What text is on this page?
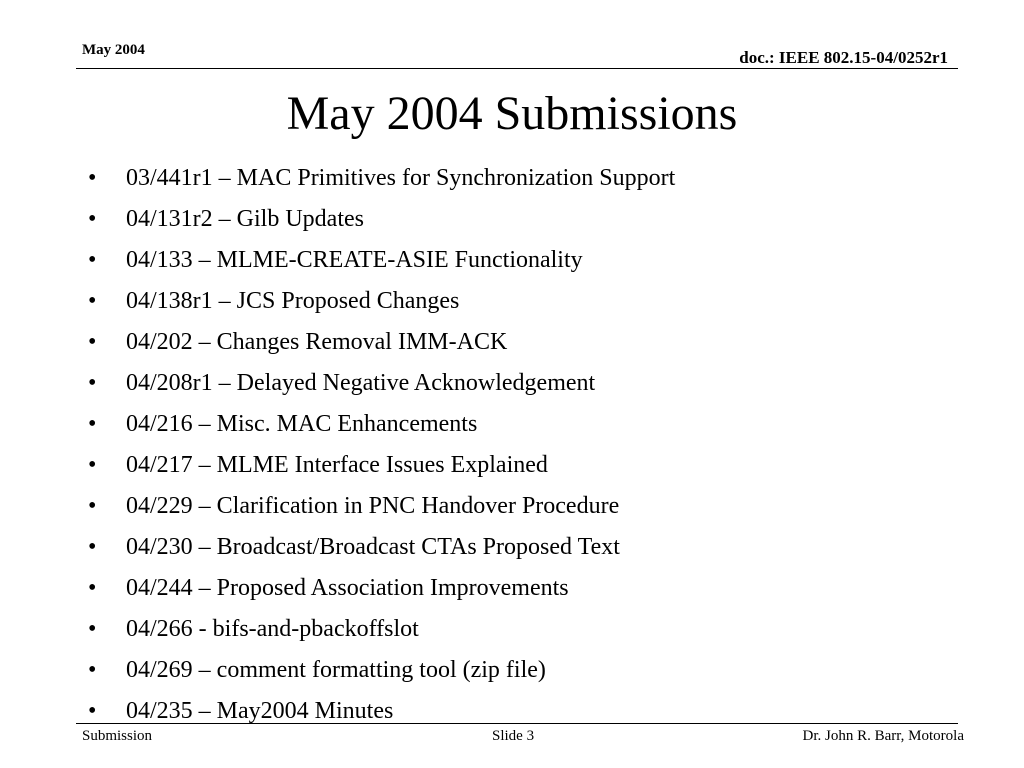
May 2004	doc.: IEEE 802.15-04/0252r1
May 2004 Submissions
•	03/441r1 – MAC Primitives for Synchronization Support
•	04/131r2 – Gilb Updates
•	04/133 – MLME-CREATE-ASIE Functionality
•	04/138r1 – JCS Proposed Changes
•	04/202 – Changes Removal IMM-ACK
•	04/208r1 – Delayed Negative Acknowledgement
•	04/216 – Misc. MAC Enhancements
•	04/217 – MLME Interface Issues Explained
•	04/229 – Clarification in PNC Handover Procedure
•	04/230 – Broadcast/Broadcast CTAs Proposed Text
•	04/244 – Proposed Association Improvements
•	04/266 - bifs-and-pbackoffslot
•	04/269 – comment formatting tool (zip file)
•	04/235 – May2004 Minutes
Submission	Slide 3	Dr. John R. Barr, Motorola
